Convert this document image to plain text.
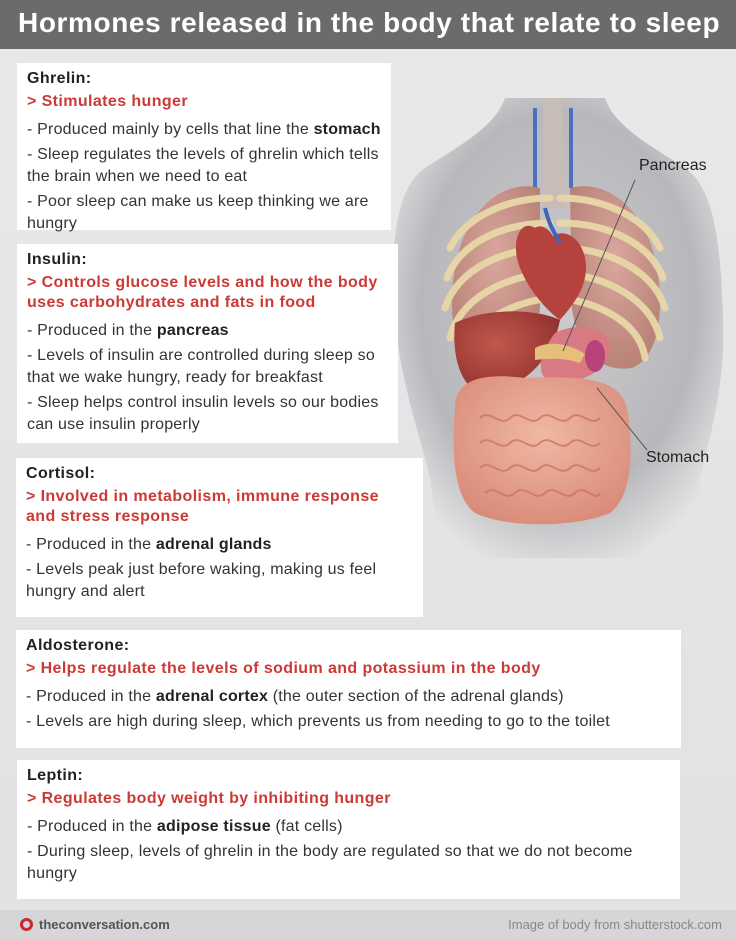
Hormones released in the body that relate to sleep
Pancreas
Stomach
Ghrelin:
> Stimulates hunger
- Produced mainly by cells that line the stomach
- Sleep regulates the levels of ghrelin which tells the brain when we need to eat
- Poor sleep can make us keep thinking we are hungry
Insulin:
> Controls glucose levels and how the body uses carbohydrates and fats in food
- Produced in the pancreas
- Levels of insulin are controlled during sleep so that we wake hungry, ready for breakfast
- Sleep helps control insulin levels so our bodies can use insulin properly
Cortisol:
> Involved in metabolism, immune response and stress response
- Produced in the adrenal glands
- Levels peak just before waking, making us feel hungry and alert
Aldosterone:
> Helps regulate the levels of sodium and potassium in the body
- Produced in the adrenal cortex (the outer section of the adrenal glands)
- Levels are high during sleep, which prevents us from needing to go to the toilet
Leptin:
> Regulates body weight by inhibiting hunger
- Produced in the adipose tissue (fat cells)
- During sleep, levels of ghrelin in the body are regulated so that we do not become hungry
theconversation.com	Image of body from shutterstock.com
